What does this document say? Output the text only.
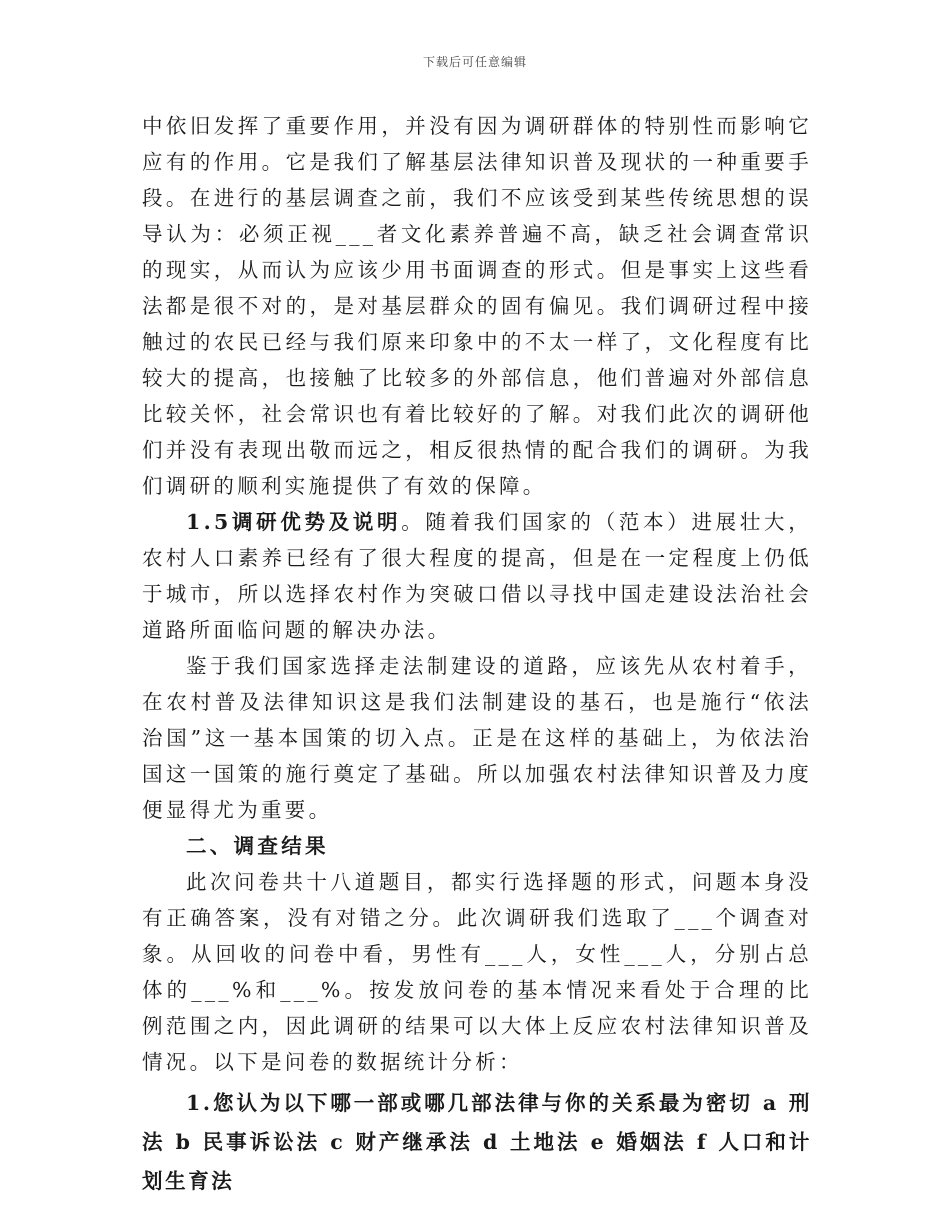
下载后可任意编辑

中依旧发挥了重要作用，并没有因为调研群体的特别性而影响它应有的作用。它是我们了解基层法律知识普及现状的一种重要手段。在进行的基层调查之前，我们不应该受到某些传统思想的误导认为：必须正视___者文化素养普遍不高，缺乏社会调查常识的现实，从而认为应该少用书面调查的形式。但是事实上这些看法都是很不对的，是对基层群众的固有偏见。我们调研过程中接触过的农民已经与我们原来印象中的不太一样了，文化程度有比较大的提高，也接触了比较多的外部信息，他们普遍对外部信息比较关怀，社会常识也有着比较好的了解。对我们此次的调研他们并没有表现出敬而远之，相反很热情的配合我们的调研。为我们调研的顺利实施提供了有效的保障。

1.5调研优势及说明。随着我们国家的（范本）进展壮大，农村人口素养已经有了很大程度的提高，但是在一定程度上仍低于城市，所以选择农村作为突破口借以寻找中国走建设法治社会道路所面临问题的解决办法。

鉴于我们国家选择走法制建设的道路，应该先从农村着手，在农村普及法律知识这是我们法制建设的基石，也是施行“依法治国”这一基本国策的切入点。正是在这样的基础上，为依法治国这一国策的施行奠定了基础。所以加强农村法律知识普及力度便显得尤为重要。

二、调查结果

此次问卷共十八道题目，都实行选择题的形式，问题本身没有正确答案，没有对错之分。此次调研我们选取了___个调查对象。从回收的问卷中看，男性有___人，女性___人，分别占总体的___%和___%。按发放问卷的基本情况来看处于合理的比例范围之内，因此调研的结果可以大体上反应农村法律知识普及情况。以下是问卷的数据统计分析：

1.您认为以下哪一部或哪几部法律与你的关系最为密切 a 刑法 b 民事诉讼法 c 财产继承法 d 土地法 e 婚姻法 f 人口和计划生育法
